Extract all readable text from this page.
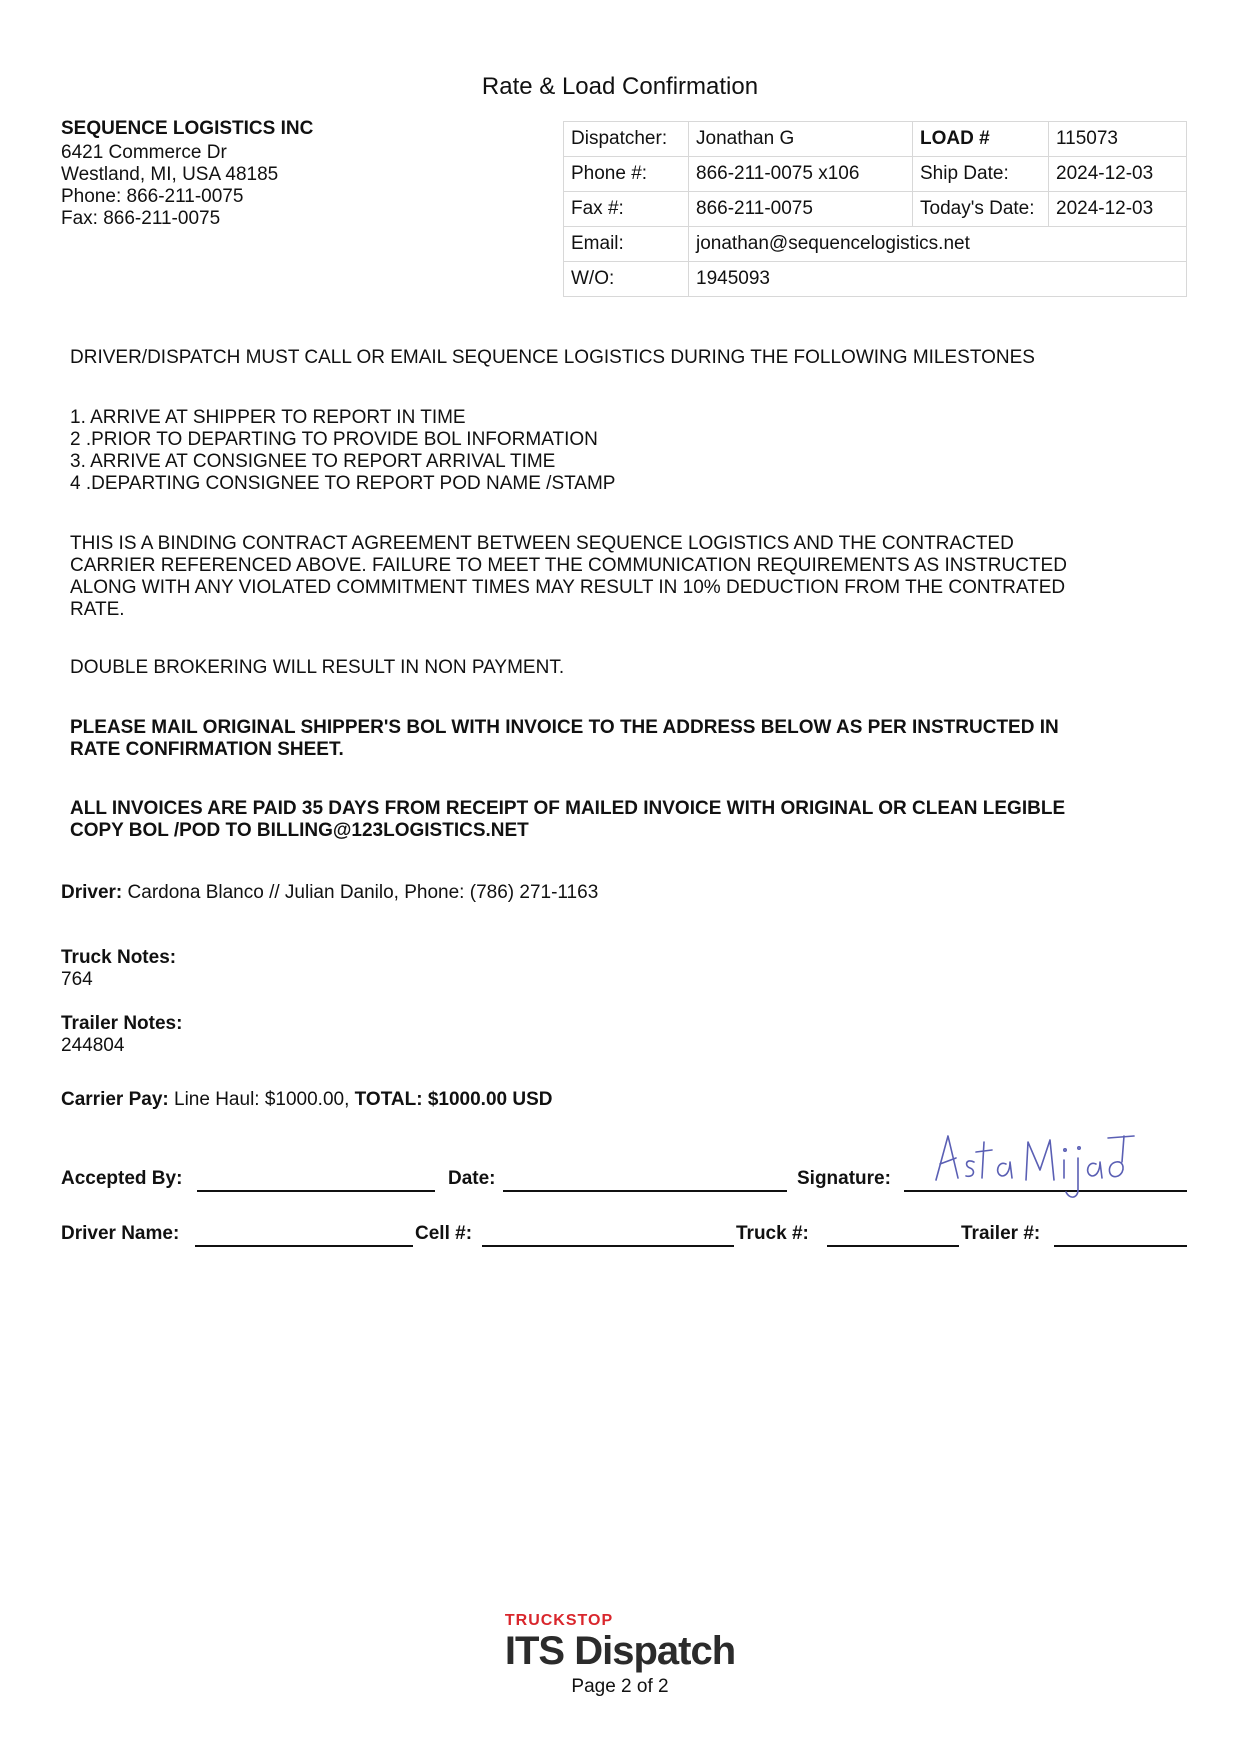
Rate & Load Confirmation
SEQUENCE LOGISTICS INC
6421 Commerce Dr
Westland, MI, USA 48185
Phone: 866-211-0075
Fax: 866-211-0075
Dispatcher:	Jonathan G	LOAD #	115073
Phone #:	866-211-0075 x106	Ship Date:	2024-12-03
Fax #:	866-211-0075	Today's Date:	2024-12-03
Email:	jonathan@sequencelogistics.net		
W/O:	1945093		
DRIVER/DISPATCH MUST CALL OR EMAIL SEQUENCE LOGISTICS DURING THE FOLLOWING MILESTONES
1. ARRIVE AT SHIPPER TO REPORT IN TIME
2 .PRIOR TO DEPARTING TO PROVIDE BOL INFORMATION
3. ARRIVE AT CONSIGNEE TO REPORT ARRIVAL TIME
4 .DEPARTING CONSIGNEE TO REPORT POD NAME /STAMP
THIS IS A BINDING CONTRACT AGREEMENT BETWEEN SEQUENCE LOGISTICS AND THE CONTRACTED
CARRIER REFERENCED ABOVE. FAILURE TO MEET THE COMMUNICATION REQUIREMENTS AS INSTRUCTED
ALONG WITH ANY VIOLATED COMMITMENT TIMES MAY RESULT IN 10% DEDUCTION FROM THE CONTRATED
RATE.
DOUBLE BROKERING WILL RESULT IN NON PAYMENT.
PLEASE MAIL ORIGINAL SHIPPER'S BOL WITH INVOICE TO THE ADDRESS BELOW AS PER INSTRUCTED IN
RATE CONFIRMATION SHEET.
ALL INVOICES ARE PAID 35 DAYS FROM RECEIPT OF MAILED INVOICE WITH ORIGINAL OR CLEAN LEGIBLE
COPY BOL /POD TO BILLING@123LOGISTICS.NET
Driver: Cardona Blanco // Julian Danilo, Phone: (786) 271-1163
Truck Notes:
764
Trailer Notes:
244804
Carrier Pay: Line Haul: $1000.00, TOTAL: $1000.00 USD
Accepted By:	Date:	Signature:
Driver Name:	Cell #:	Truck #:	Trailer #:
TRUCKSTOP
ITS Dispatch
Page 2 of 2
